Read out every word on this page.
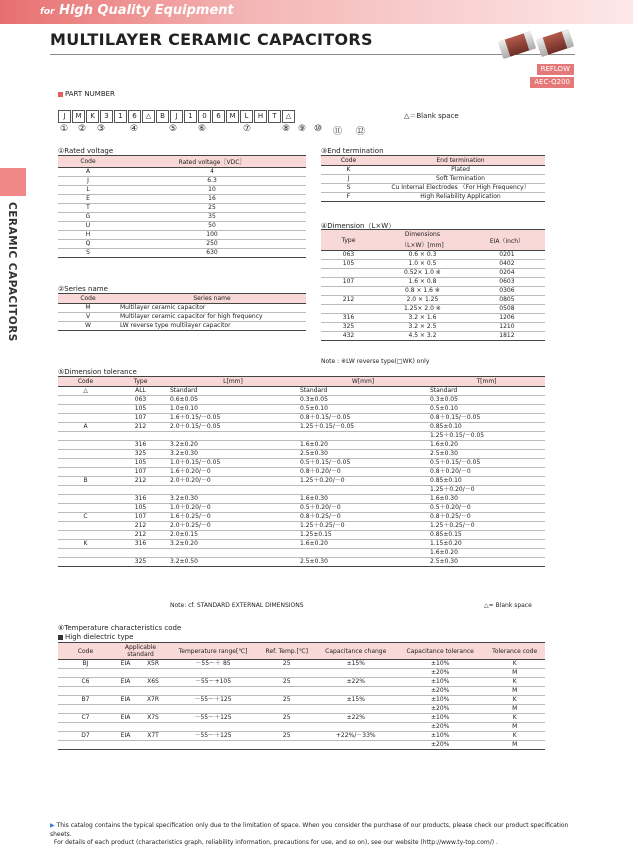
for High Quality Equipment
MULTILAYER CERAMIC CAPACITORS
REFLOW
AEC-Q200
CERAMIC CAPACITORS
PART NUMBER
J	M	K	3	1	6	△	B	J	1	0	6	M	L	H	T	△	△＝Blank space
① ② ③	④	⑤ ⑥	⑦	⑧ ⑨ ⑩ ⑪ ⑫
①Rated voltage
Code	Rated voltage［VDC］
A	4
J	6.3
L	10
E	16
T	25
G	35
U	50
H	100
Q	250
S	630
②Series name
Code	Series name
M	Multilayer ceramic capacitor
V	Multilayer ceramic capacitor for high frequency
W	LW reverse type multilayer capacitor
③End termination
Code	End termination
K	Plated
J	Soft Termination
S	Cu Internal Electrodes （For High Frequency）
F	High Reliability Application
④Dimension（L×W）
Type	Dimensions	EIA（inch）
	（L×W）[mm]	
063	0.6 × 0.3	0201
105	1.0 × 0.5	0402
	0.52× 1.0 ※	0204
107	1.6 × 0.8	0603
	0.8 × 1.6 ※	0306
212	2.0 × 1.25	0805
	1.25× 2.0 ※	0508
316	3.2 × 1.6	1206
325	3.2 × 2.5	1210
432	4.5 × 3.2	1812
Note : ※LW reverse type(□WK) only
⑤Dimension tolerance
Code	Type	L[mm]	W[mm]	T[mm]
△	ALL	Standard	Standard	Standard
	063	0.6±0.05	0.3±0.05	0.3±0.05
	105	1.0±0.10	0.5±0.10	0.5±0.10
	107	1.6＋0.15/－0.05	0.8＋0.15/－0.05	0.8＋0.15/－0.05
A	212	2.0＋0.15/－0.05	1.25＋0.15/－0.05	0.85±0.10
				1.25＋0.15/－0.05
	316	3.2±0.20	1.6±0.20	1.6±0.20
	325	3.2±0.30	2.5±0.30	2.5±0.30
	105	1.0＋0.15/－0.05	0.5＋0.15/－0.05	0.5＋0.15/－0.05
	107	1.6＋0.20/－0	0.8＋0.20/－0	0.8＋0.20/－0
B	212	2.0＋0.20/－0	1.25＋0.20/－0	0.85±0.10
				1.25＋0.20/－0
	316	3.2±0.30	1.6±0.30	1.6±0.30
	105	1.0＋0.20/－0	0.5＋0.20/－0	0.5＋0.20/－0
C	107	1.6＋0.25/－0	0.8＋0.25/－0	0.8＋0.25/－0
	212	2.0＋0.25/－0	1.25＋0.25/－0	1.25＋0.25/－0
	212	2.0±0.15	1.25±0.15	0.85±0.15
K	316	3.2±0.20	1.6±0.20	1.15±0.20
				1.6±0.20
	325	3.2±0.50	2.5±0.30	2.5±0.30
Note: cf. STANDARD EXTERNAL DIMENSIONS	△= Blank space
⑥Temperature characteristics code
High dielectric type
Code	Applicable standard		Temperature range[℃]	Ref. Temp.[℃]	Capacitance change	Capacitance tolerance	Tolerance code
BJ	EIA	X5R	－55～＋ 85	25	±15%	±10%	K
						±20%	M
C6	EIA	X6S	－55～+105	25	±22%	±10%	K
						±20%	M
B7	EIA	X7R	－55～＋125	25	±15%	±10%	K
						±20%	M
C7	EIA	X7S	－55～＋125	25	±22%	±10%	K
						±20%	M
D7	EIA	X7T	－55～＋125	25	+22%/－33%	±10%	K
						±20%	M
▶ This catalog contains the typical specification only due to the limitation of space. When you consider the purchase of our products, please check our product specification sheets.
For details of each product (characteristics graph, reliability information, precautions for use, and so on), see our website (http://www.ty-top.com/) .
